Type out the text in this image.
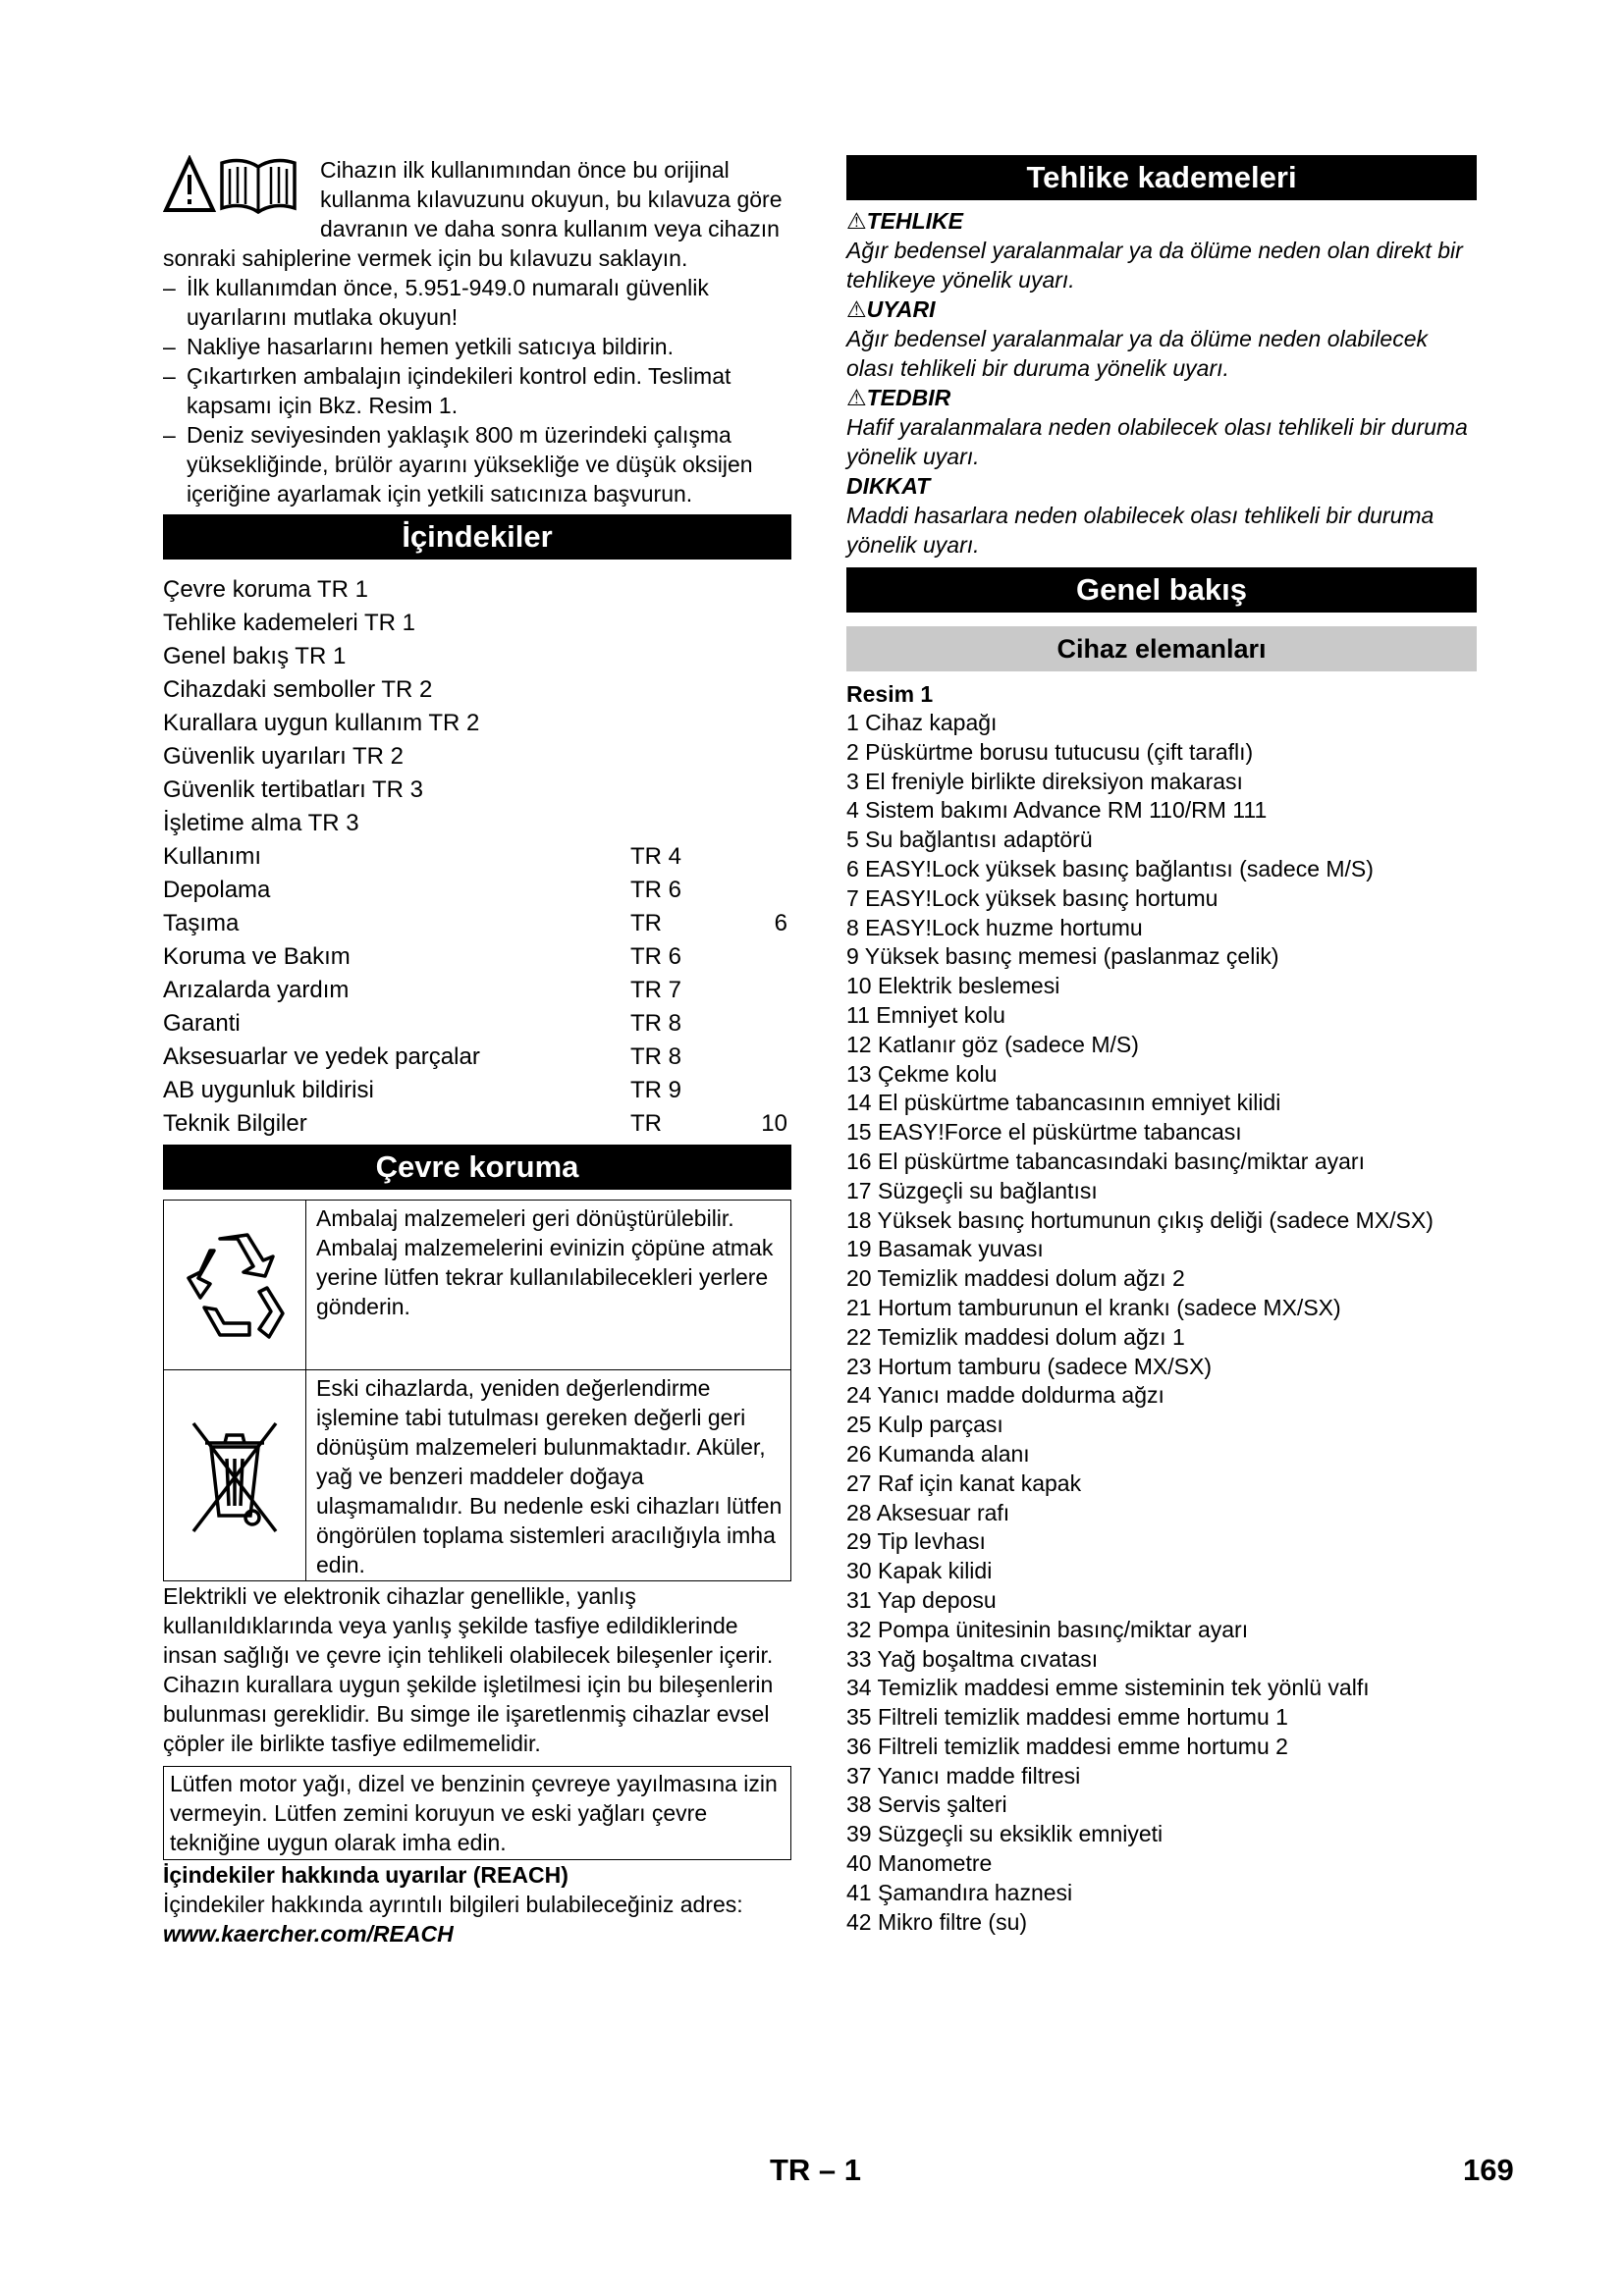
Cihazın ilk kullanımından önce bu orijinal kullanma kılavuzunu okuyun, bu kılavuza göre davranın ve daha sonra kullanım veya cihazın sonraki sahiplerine vermek için bu kılavuzu saklayın.

– İlk kullanımdan önce, 5.951-949.0 numaralı güvenlik uyarılarını mutlaka okuyun!

– Nakliye hasarlarını hemen yetkili satıcıya bildirin.

– Çıkartırken ambalajın içindekileri kontrol edin. Teslimat kapsamı için Bkz. Resim 1.

– Deniz seviyesinden yaklaşık 800 m üzerindeki çalışma yüksekliğinde, brülör ayarını yüksekliğe ve düşük oksijen içeriğine ayarlamak için yetkili satıcınıza başvurun.

İçindekiler
Çevre koruma TR 1
Tehlike kademeleri TR 1
Genel bakış TR 1
Cihazdaki semboller TR 2
Kurallara uygun kullanım TR 2
Güvenlik uyarıları TR 2
Güvenlik tertibatları TR 3
İşletime alma TR 3
Kullanımı	TR 4
Depolama	TR 6
Taşıma	TR	6
Koruma ve Bakım	TR 6
Arızalarda yardım	TR 7
Garanti	TR 8
Aksesuarlar ve yedek parçalar	TR 8
AB uygunluk bildirisi	TR 9
Teknik Bilgiler	TR	10
Çevre koruma
Ambalaj malzemeleri geri dönüştürülebilir. Ambalaj malzemelerini evinizin çöpüne atmak yerine lütfen tekrar kullanılabilecekleri yerlere gönderin.
Eski cihazlarda, yeniden değerlendirme işlemine tabi tutulması gereken değerli geri dönüşüm malzemeleri bulunmaktadır. Aküler, yağ ve benzeri maddeler doğaya ulaşmamalıdır. Bu nedenle eski cihazları lütfen öngörülen toplama sistemleri aracılığıyla imha edin.

Elektrikli ve elektronik cihazlar genellikle, yanlış kullanıldıklarında veya yanlış şekilde tasfiye edildiklerinde insan sağlığı ve çevre için tehlikeli olabilecek bileşenler içerir. Cihazın kurallara uygun şekilde işletilmesi için bu bileşenlerin bulunması gereklidir. Bu simge ile işaretlenmiş cihazlar evsel çöpler ile birlikte tasfiye edilmemelidir.

Lütfen motor yağı, dizel ve benzinin çevreye yayılmasına izin vermeyin. Lütfen zemini koruyun ve eski yağları çevre tekniğine uygun olarak imha edin.

İçindekiler hakkında uyarılar (REACH)

İçindekiler hakkında ayrıntılı bilgileri bulabileceğiniz adres:

www.kaercher.com/REACH

Tehlike kademeleri

⚠TEHLIKE

Ağır bedensel yaralanmalar ya da ölüme neden olan direkt bir tehlikeye yönelik uyarı.

⚠UYARI

Ağır bedensel yaralanmalar ya da ölüme neden olabilecek olası tehlikeli bir duruma yönelik uyarı.

⚠TEDBIR

Hafif yaralanmalara neden olabilecek olası tehlikeli bir duruma yönelik uyarı.

DIKKAT

Maddi hasarlara neden olabilecek olası tehlikeli bir duruma yönelik uyarı.

Genel bakış
Cihaz elemanları

Resim 1

1 Cihaz kapağı

2 Püskürtme borusu tutucusu (çift taraflı)

3 El freniyle birlikte direksiyon makarası

4 Sistem bakımı Advance RM 110/RM 111

5 Su bağlantısı adaptörü

6 EASY!Lock yüksek basınç bağlantısı (sadece M/S)

7 EASY!Lock yüksek basınç hortumu

8 EASY!Lock huzme hortumu

9 Yüksek basınç memesi (paslanmaz çelik)

10 Elektrik beslemesi

11 Emniyet kolu

12 Katlanır göz (sadece M/S)

13 Çekme kolu

14 El püskürtme tabancasının emniyet kilidi

15 EASY!Force el püskürtme tabancası

16 El püskürtme tabancasındaki basınç/miktar ayarı

17 Süzgeçli su bağlantısı

18 Yüksek basınç hortumunun çıkış deliği (sadece MX/SX)

19 Basamak yuvası

20 Temizlik maddesi dolum ağzı 2

21 Hortum tamburunun el krankı (sadece MX/SX)

22 Temizlik maddesi dolum ağzı 1

23 Hortum tamburu (sadece MX/SX)

24 Yanıcı madde doldurma ağzı

25 Kulp parçası

26 Kumanda alanı

27 Raf için kanat kapak

28 Aksesuar rafı

29 Tip levhası

30 Kapak kilidi

31 Yap deposu

32 Pompa ünitesinin basınç/miktar ayarı

33 Yağ boşaltma cıvatası

34 Temizlik maddesi emme sisteminin tek yönlü valfı

35 Filtreli temizlik maddesi emme hortumu 1

36 Filtreli temizlik maddesi emme hortumu 2

37 Yanıcı madde filtresi

38 Servis şalteri

39 Süzgeçli su eksiklik emniyeti

40 Manometre

41 Şamandıra haznesi

42 Mikro filtre (su)

TR – 1	169
